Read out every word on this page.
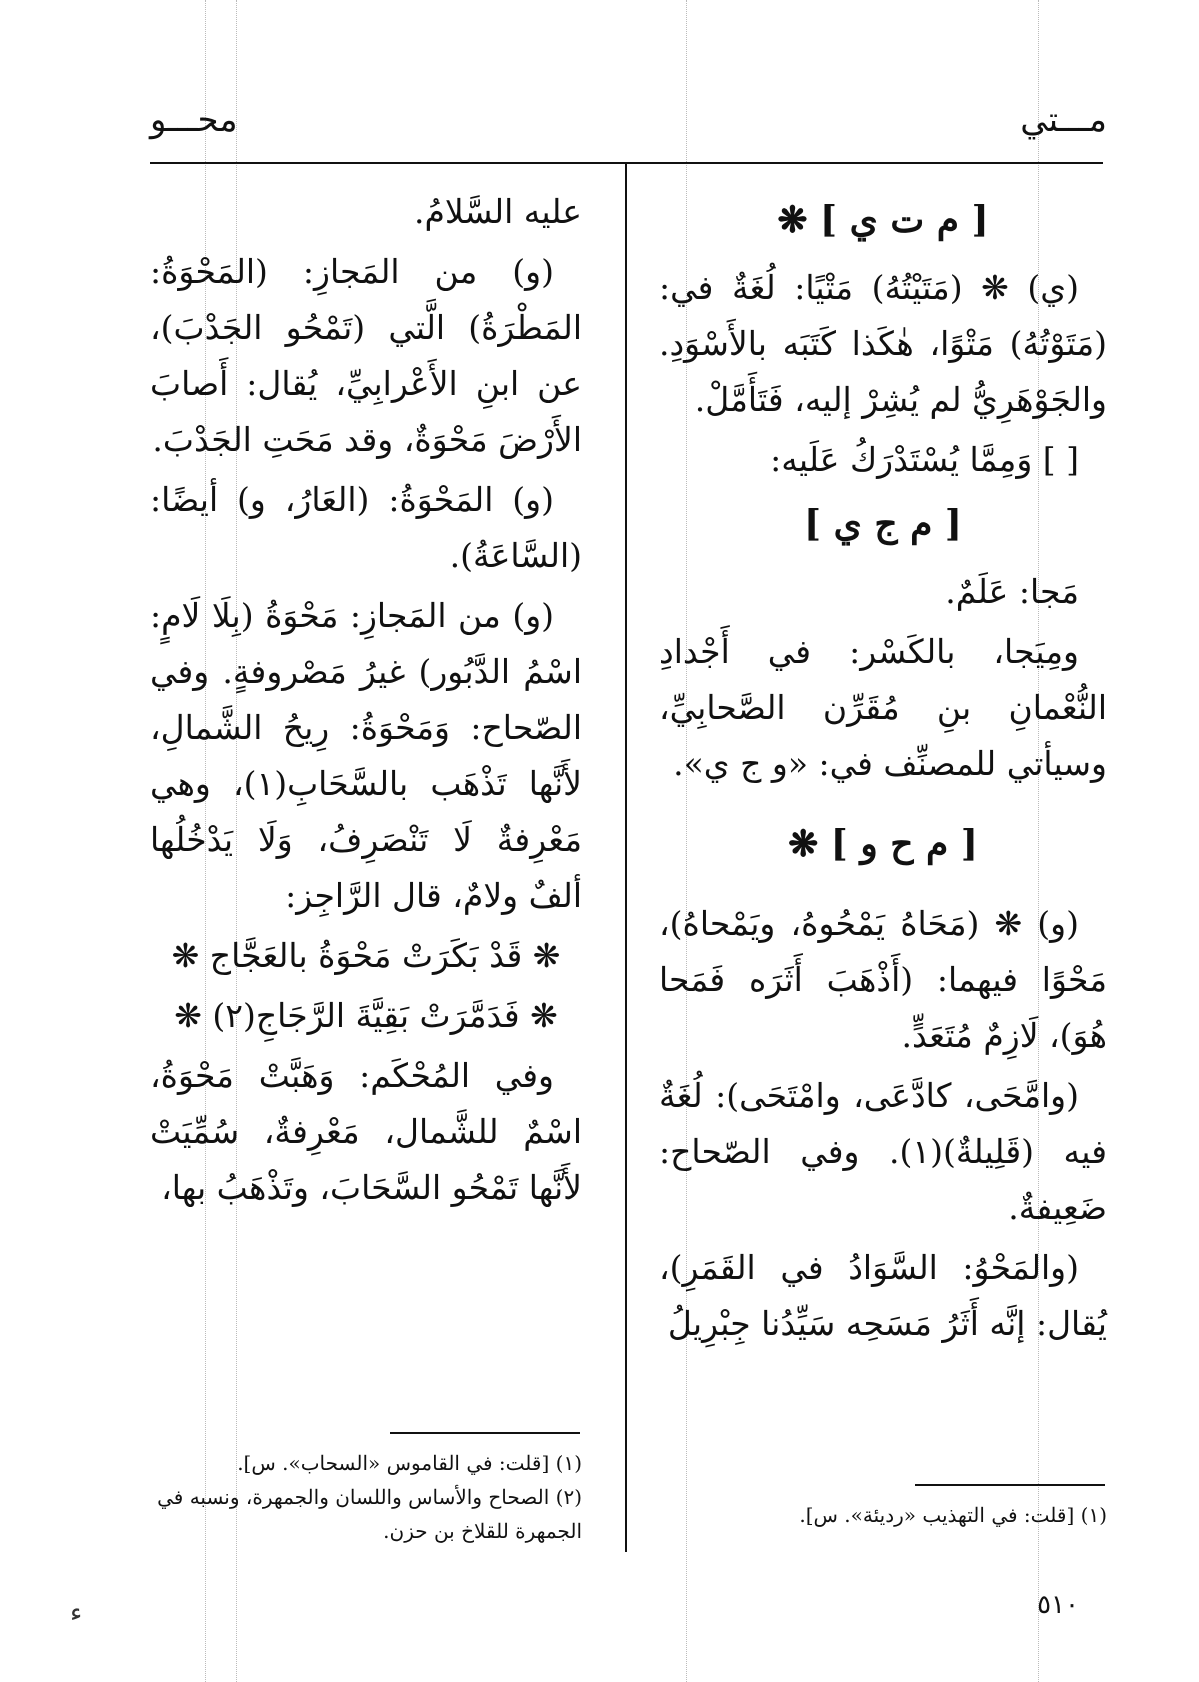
مـــتي
محـــو
[ م ت ي ] ❋

(ي) ❋ (مَتَيْتُهُ) مَتْيًا: لُغَةٌ في: (مَتَوْتُهُ) مَتْوًا، هٰكَذا كَتَبَه بالأَسْوَدِ. والجَوْهَرِيُّ لم يُشِرْ إليه، فَتَأَمَّلْ.

[ ] وَمِمَّا يُسْتَدْرَكُ عَلَيه:

[ م ج ي ]

مَجا: عَلَمٌ.

ومِيَجا، بالكَسْر: في أَجْدادِ النُّعْمانِ بنِ مُقَرِّن الصَّحابِيِّ، وسيأتي للمصنِّف في: «و ج ي».

[ م ح و ] ❋

(و) ❋ (مَحَاهُ يَمْحُوهُ، ويَمْحاهُ)، مَحْوًا فيهما: (أَذْهَبَ أَثَرَه فَمَحا هُوَ)، لَازِمٌ مُتَعَدٍّ.

(وامَّحَى، كادَّعَى، وامْتَحَى): لُغَةٌ فيه (قَلِيلةٌ)(١). وفي الصّحاح: ضَعِيفةٌ.

(والمَحْوُ: السَّوَادُ في القَمَرِ)، يُقال: إنَّه أَثَرُ مَسَحِه سَيِّدُنا جِبْرِيلُ

عليه السَّلامُ.

(و) من المَجازِ: (المَحْوَةُ: المَطْرَةُ) الَّتي (تَمْحُو الجَدْبَ)، عن ابنِ الأَعْرابِيِّ، يُقال: أَصابَ الأَرْضَ مَحْوَةٌ، وقد مَحَتِ الجَدْبَ.

(و) المَحْوَةُ: (العَارُ، و) أيضًا: (السَّاعَةُ).

(و) من المَجازِ: مَحْوَةُ (بِلَا لَامٍ: اسْمُ الدَّبُور) غيرُ مَصْروفةٍ. وفي الصّحاح: وَمَحْوَةُ: رِيحُ الشَّمالِ، لأَنَّها تَذْهَب بالسَّحَابِ(١)، وهي مَعْرِفةٌ لَا تَنْصَرِفُ، وَلَا يَدْخُلُها ألفٌ ولامٌ، قال الرَّاجِز:

❋ قَدْ بَكَرَتْ مَحْوَةُ بالعَجَّاج ❋

❋ فَدَمَّرَتْ بَقِيَّةَ الرَّجَاجِ(٢) ❋

وفي المُحْكَم: وَهَبَّتْ مَحْوَةُ، اسْمٌ للشَّمال، مَعْرِفةٌ، سُمِّيَتْ لأَنَّها تَمْحُو السَّحَابَ، وتَذْهَبُ بها،

(١) [قلت: في القاموس «السحاب». س].
(٢) الصحاح والأساس واللسان والجمهرة، ونسبه في الجمهرة للقلاخ بن حزن.
(١) [قلت: في التهذيب «رديئة». س].
٥١٠
ء
